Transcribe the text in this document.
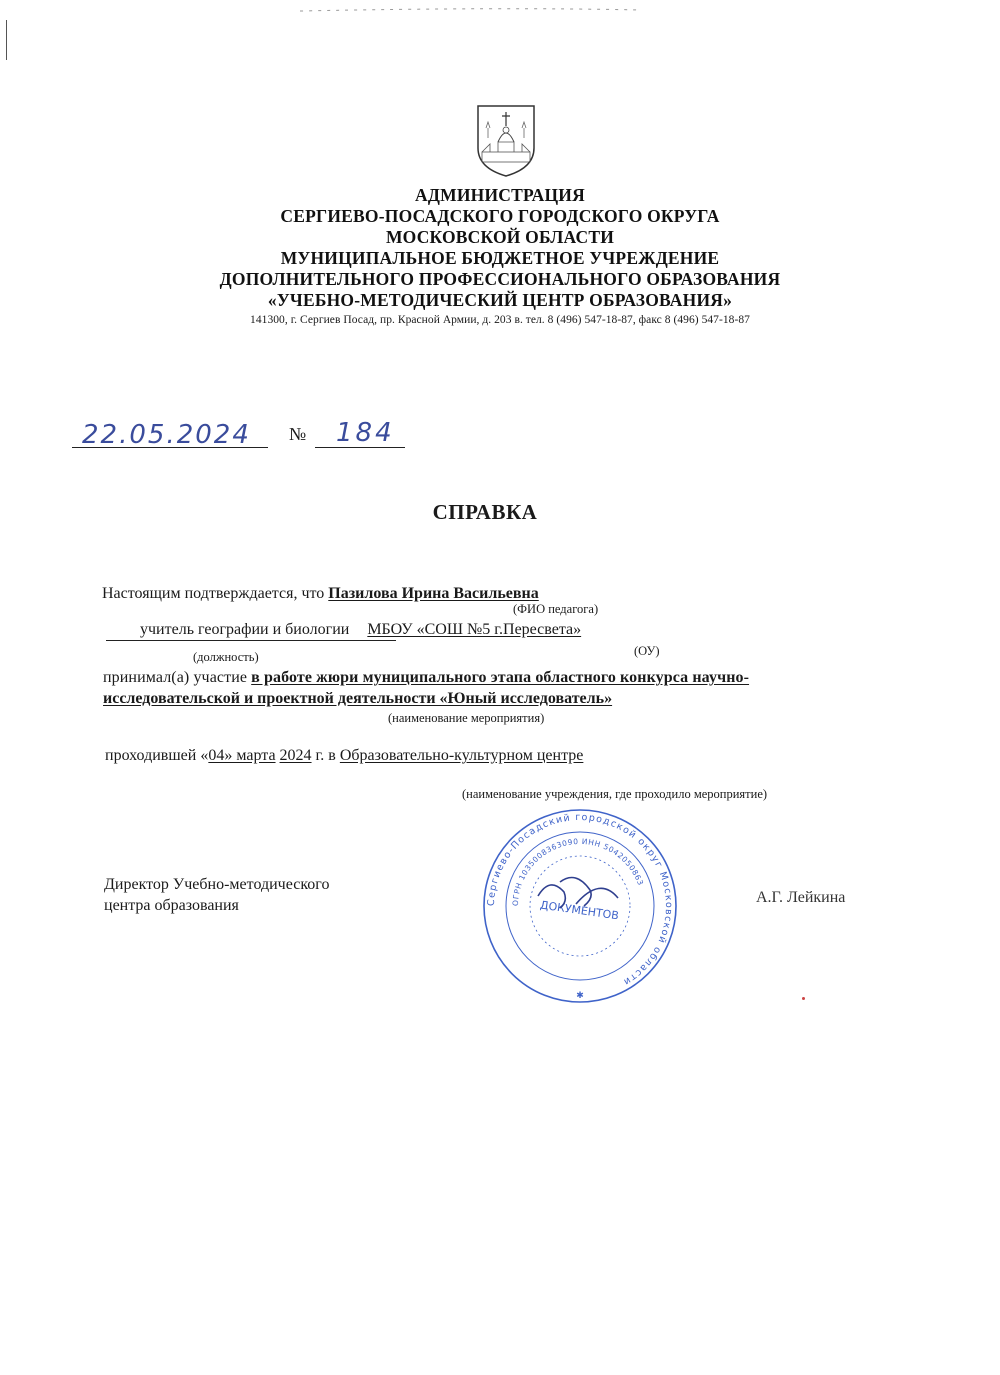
АДМИНИСТРАЦИЯ
СЕРГИЕВО-ПОСАДСКОГО ГОРОДСКОГО ОКРУГА
МОСКОВСКОЙ ОБЛАСТИ
МУНИЦИПАЛЬНОЕ БЮДЖЕТНОЕ УЧРЕЖДЕНИЕ
ДОПОЛНИТЕЛЬНОГО ПРОФЕССИОНАЛЬНОГО ОБРАЗОВАНИЯ
«УЧЕБНО-МЕТОДИЧЕСКИЙ ЦЕНТР ОБРАЗОВАНИЯ»
141300, г. Сергиев Посад, пр. Красной Армии, д. 203 в. тел. 8 (496) 547-18-87, факс 8 (496) 547-18-87
22.05.2024 № 184
СПРАВКА
Настоящим подтверждается, что Пазилова Ирина Васильевна
(ФИО педагога)
учитель географии и биологии МБОУ «СОШ №5 г.Пересвета»
(должность)	(ОУ)
принимал(а) участие в работе жюри муниципального этапа областного конкурса научно-
исследовательской и проектной деятельности «Юный исследователь»
(наименование мероприятия)
проходившей «04» марта 2024 г. в Образовательно-культурном центре
(наименование учреждения, где проходило мероприятие)
Директор Учебно-методического
центра образования	А.Г. Лейкина
Сергиево-Посадский городской округ Московской области
ОГРН 1035008363090 ИНН 5042050863
ДОКУМЕНТОВ
✱
